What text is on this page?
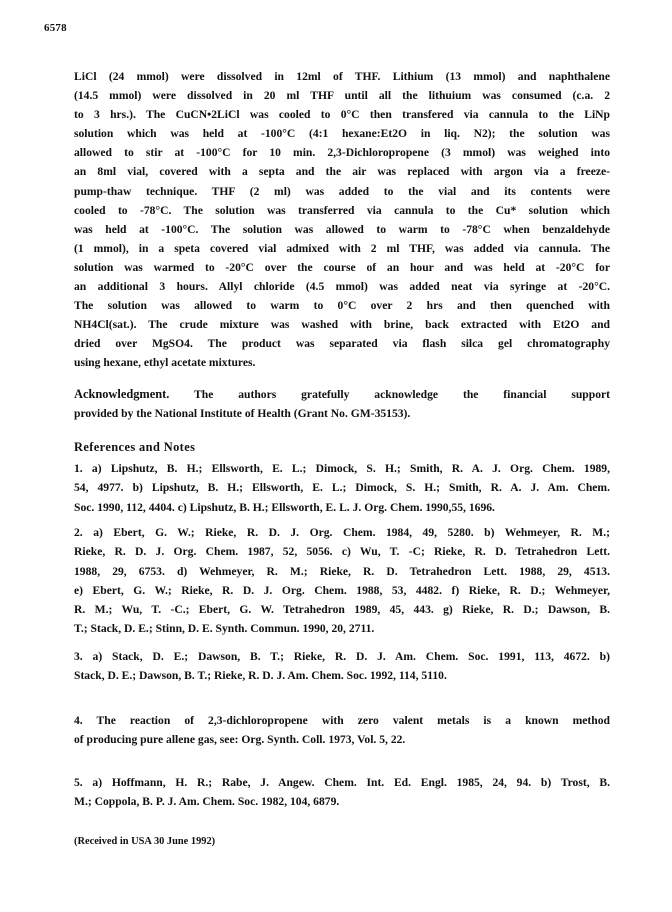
6578

LiCl (24 mmol) were dissolved in 12ml of THF. Lithium (13 mmol) and naphthalene
(14.5 mmol) were dissolved in 20 ml THF until all the lithuium was consumed (c.a. 2
to 3 hrs.). The CuCN•2LiCl was cooled to 0°C then transfered via cannula to the LiNp
solution which was held at -100°C (4:1 hexane:Et2O in liq. N2); the solution was
allowed to stir at -100°C for 10 min. 2,3-Dichloropropene (3 mmol) was weighed into
an 8ml vial, covered with a septa and the air was replaced with argon via a freeze-
pump-thaw technique. THF (2 ml) was added to the vial and its contents were
cooled to -78°C. The solution was transferred via cannula to the Cu* solution which
was held at -100°C. The solution was allowed to warm to -78°C when benzaldehyde
(1 mmol), in a speta covered vial admixed with 2 ml THF, was added via cannula. The
solution was warmed to -20°C over the course of an hour and was held at -20°C for
an additional 3 hours. Allyl chloride (4.5 mmol) was added neat via syringe at -20°C.
The solution was allowed to warm to 0°C over 2 hrs and then quenched with
NH4Cl(sat.). The crude mixture was washed with brine, back extracted with Et2O and
dried over MgSO4. The product was separated via flash silca gel chromatography
using hexane, ethyl acetate mixtures.

Acknowledgment. The authors gratefully acknowledge the financial support
provided by the National Institute of Health (Grant No. GM-35153).

References and Notes

1. a) Lipshutz, B. H.; Ellsworth, E. L.; Dimock, S. H.; Smith, R. A. J. Org. Chem. 1989,
54, 4977. b) Lipshutz, B. H.; Ellsworth, E. L.; Dimock, S. H.; Smith, R. A. J. Am. Chem.
Soc. 1990, 112, 4404. c) Lipshutz, B. H.; Ellsworth, E. L. J. Org. Chem. 1990,55, 1696.

2. a) Ebert, G. W.; Rieke, R. D. J. Org. Chem. 1984, 49, 5280. b) Wehmeyer, R. M.;
Rieke, R. D. J. Org. Chem. 1987, 52, 5056. c) Wu, T. -C; Rieke, R. D. Tetrahedron Lett.
1988, 29, 6753. d) Wehmeyer, R. M.; Rieke, R. D. Tetrahedron Lett. 1988, 29, 4513.
e) Ebert, G. W.; Rieke, R. D. J. Org. Chem. 1988, 53, 4482. f) Rieke, R. D.; Wehmeyer,
R. M.; Wu, T. -C.; Ebert, G. W. Tetrahedron 1989, 45, 443. g) Rieke, R. D.; Dawson, B.
T.; Stack, D. E.; Stinn, D. E. Synth. Commun. 1990, 20, 2711.

3. a) Stack, D. E.; Dawson, B. T.; Rieke, R. D. J. Am. Chem. Soc. 1991, 113, 4672. b)
Stack, D. E.; Dawson, B. T.; Rieke, R. D. J. Am. Chem. Soc. 1992, 114, 5110.

4. The reaction of 2,3-dichloropropene with zero valent metals is a known method
of producing pure allene gas, see: Org. Synth. Coll. 1973, Vol. 5, 22.

5. a) Hoffmann, H. R.; Rabe, J. Angew. Chem. Int. Ed. Engl. 1985, 24, 94. b) Trost, B.
M.; Coppola, B. P. J. Am. Chem. Soc. 1982, 104, 6879.

(Received in USA 30 June 1992)
